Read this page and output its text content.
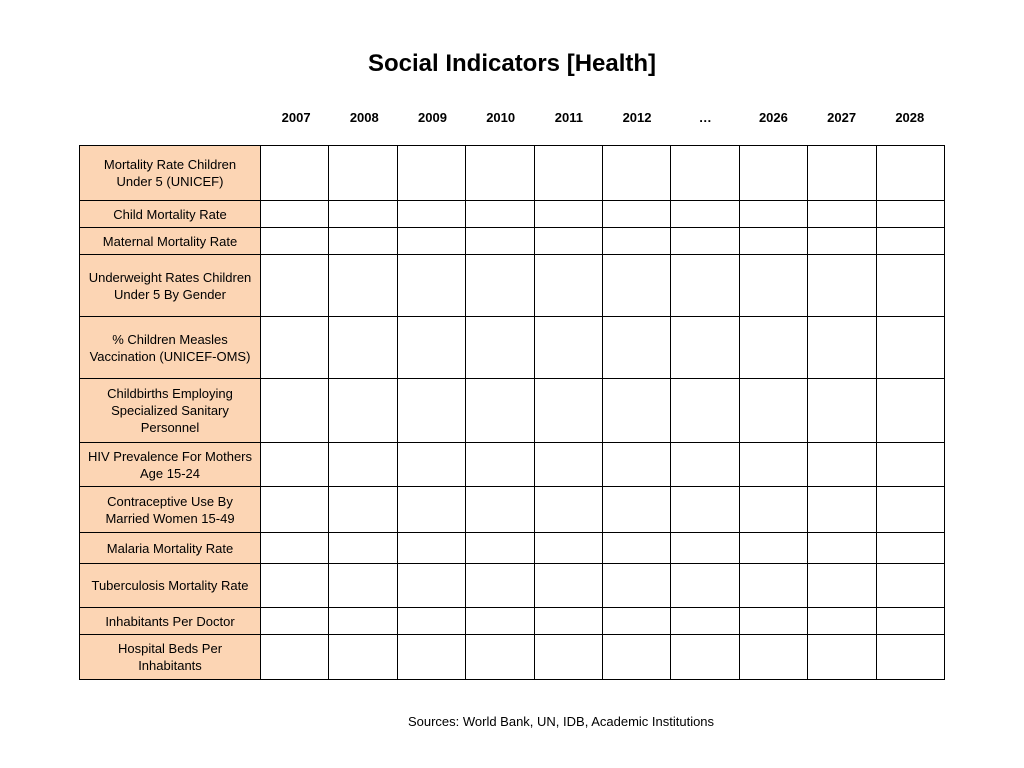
Social Indicators [Health]
2007	2008	2009	2010	2011	2012	…	2026	2027	2028
Mortality Rate Children Under 5 (UNICEF)										
Child Mortality Rate										
Maternal Mortality Rate										
Underweight Rates Children Under 5 By Gender										
% Children Measles Vaccination (UNICEF-OMS)										
Childbirths Employing Specialized Sanitary Personnel										
HIV Prevalence For Mothers Age 15-24										
Contraceptive Use By Married Women 15-49										
Malaria Mortality Rate										
Tuberculosis Mortality Rate										
Inhabitants Per Doctor										
Hospital Beds Per Inhabitants										
Sources: World Bank, UN, IDB, Academic Institutions
